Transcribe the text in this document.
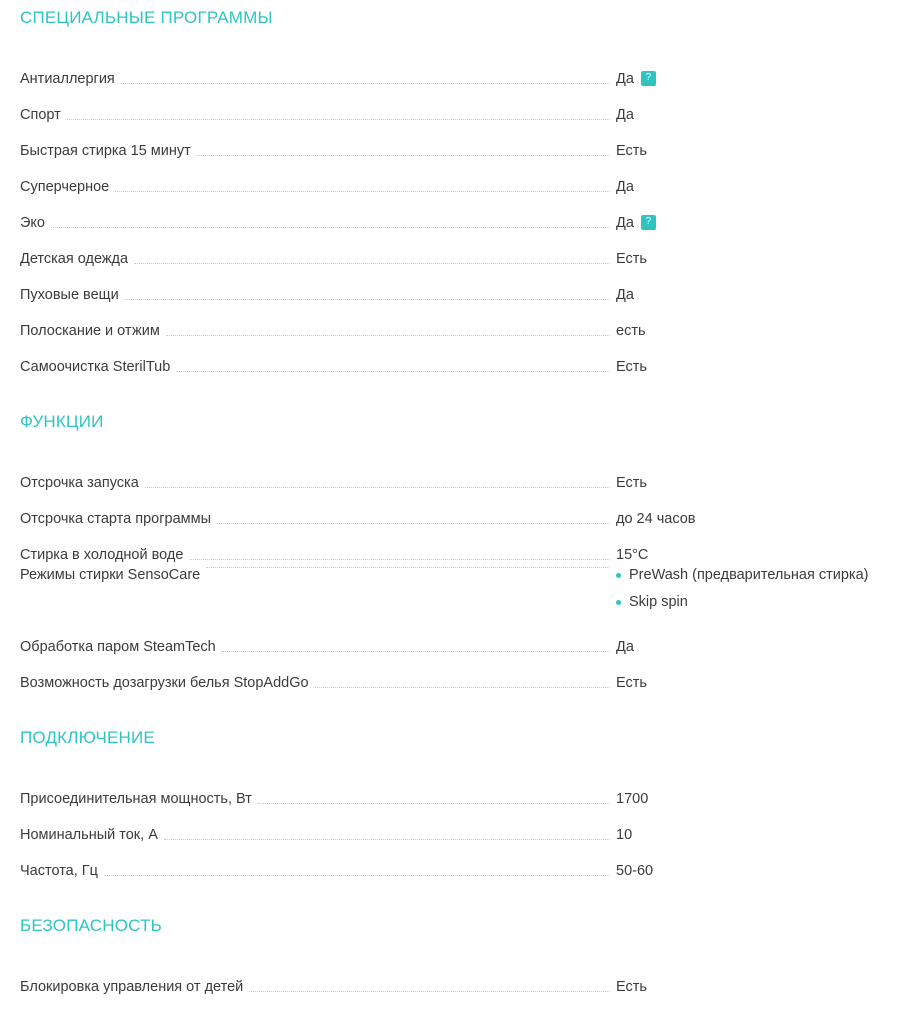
СПЕЦИАЛЬНЫЕ ПРОГРАММЫ
Антиаллергия	Да	?
Спорт	Да
Быстрая стирка 15 минут	Есть
Суперчерное	Да
Эко	Да	?
Детская одежда	Есть
Пуховые вещи	Да
Полоскание и отжим	есть
Самоочистка SterilTub	Есть
ФУНКЦИИ
Отсрочка запуска	Есть
Отсрочка старта программы	до 24 часов
Стирка в холодной воде	15°C
Режимы стирки SensoCare	PreWash (предварительная стирка)
Skip spin
Обработка паром SteamTech	Да
Возможность дозагрузки белья StopAddGo	Есть
ПОДКЛЮЧЕНИЕ
Присоединительная мощность, Вт	1700
Номинальный ток, А	10
Частота, Гц	50-60
БЕЗОПАСНОСТЬ
Блокировка управления от детей	Есть
